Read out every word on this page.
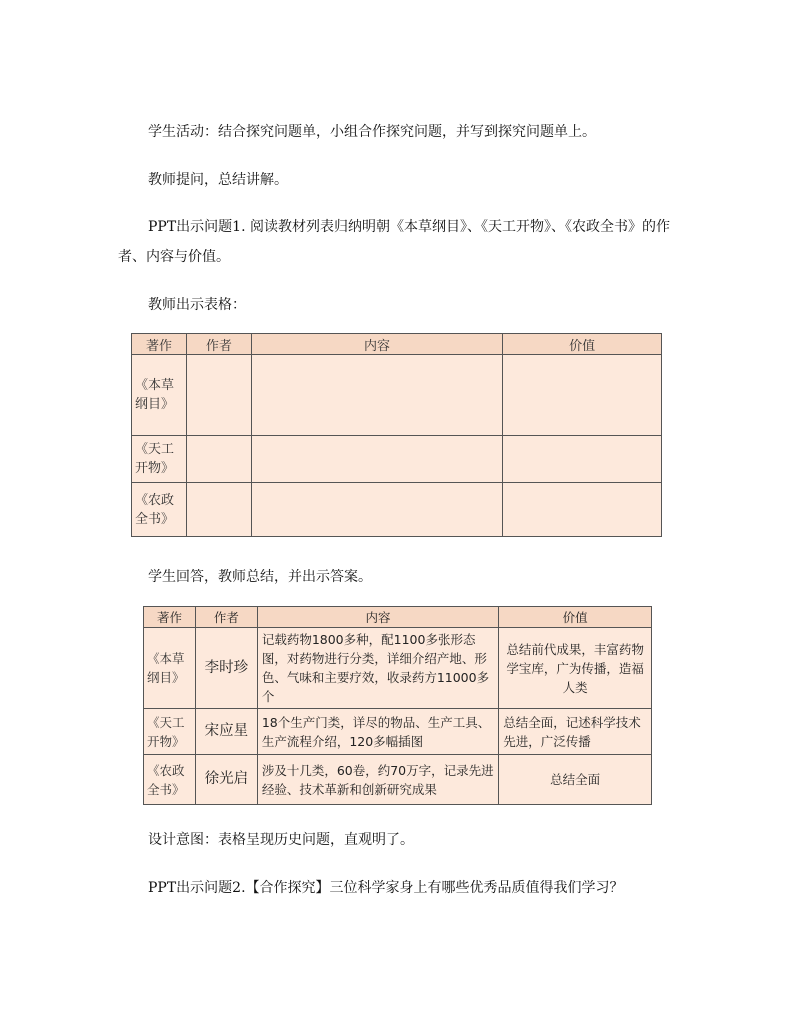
学生活动：结合探究问题单，小组合作探究问题，并写到探究问题单上。

教师提问，总结讲解。

PPT出示问题1. 阅读教材列表归纳明朝《本草纲目》、《天工开物》、《农政全书》的作者、内容与价值。

教师出示表格：

著作	作者	内容	价值
《本草纲目》			
《天工开物》			
《农政全书》			

学生回答，教师总结，并出示答案。

著作	作者	内容	价值
《本草纲目》	李时珍	记载药物1800多种，配1100多张形态图，对药物进行分类，详细介绍产地、形色、气味和主要疗效，收录药方11000多个	总结前代成果，丰富药物学宝库，广为传播，造福人类
《天工开物》	宋应星	18个生产门类，详尽的物品、生产工具、生产流程介绍，120多幅插图	总结全面，记述科学技术先进，广泛传播
《农政全书》	徐光启	涉及十几类，60卷，约70万字，记录先进经验、技术革新和创新研究成果	总结全面

设计意图：表格呈现历史问题，直观明了。

PPT出示问题2.【合作探究】三位科学家身上有哪些优秀品质值得我们学习？
